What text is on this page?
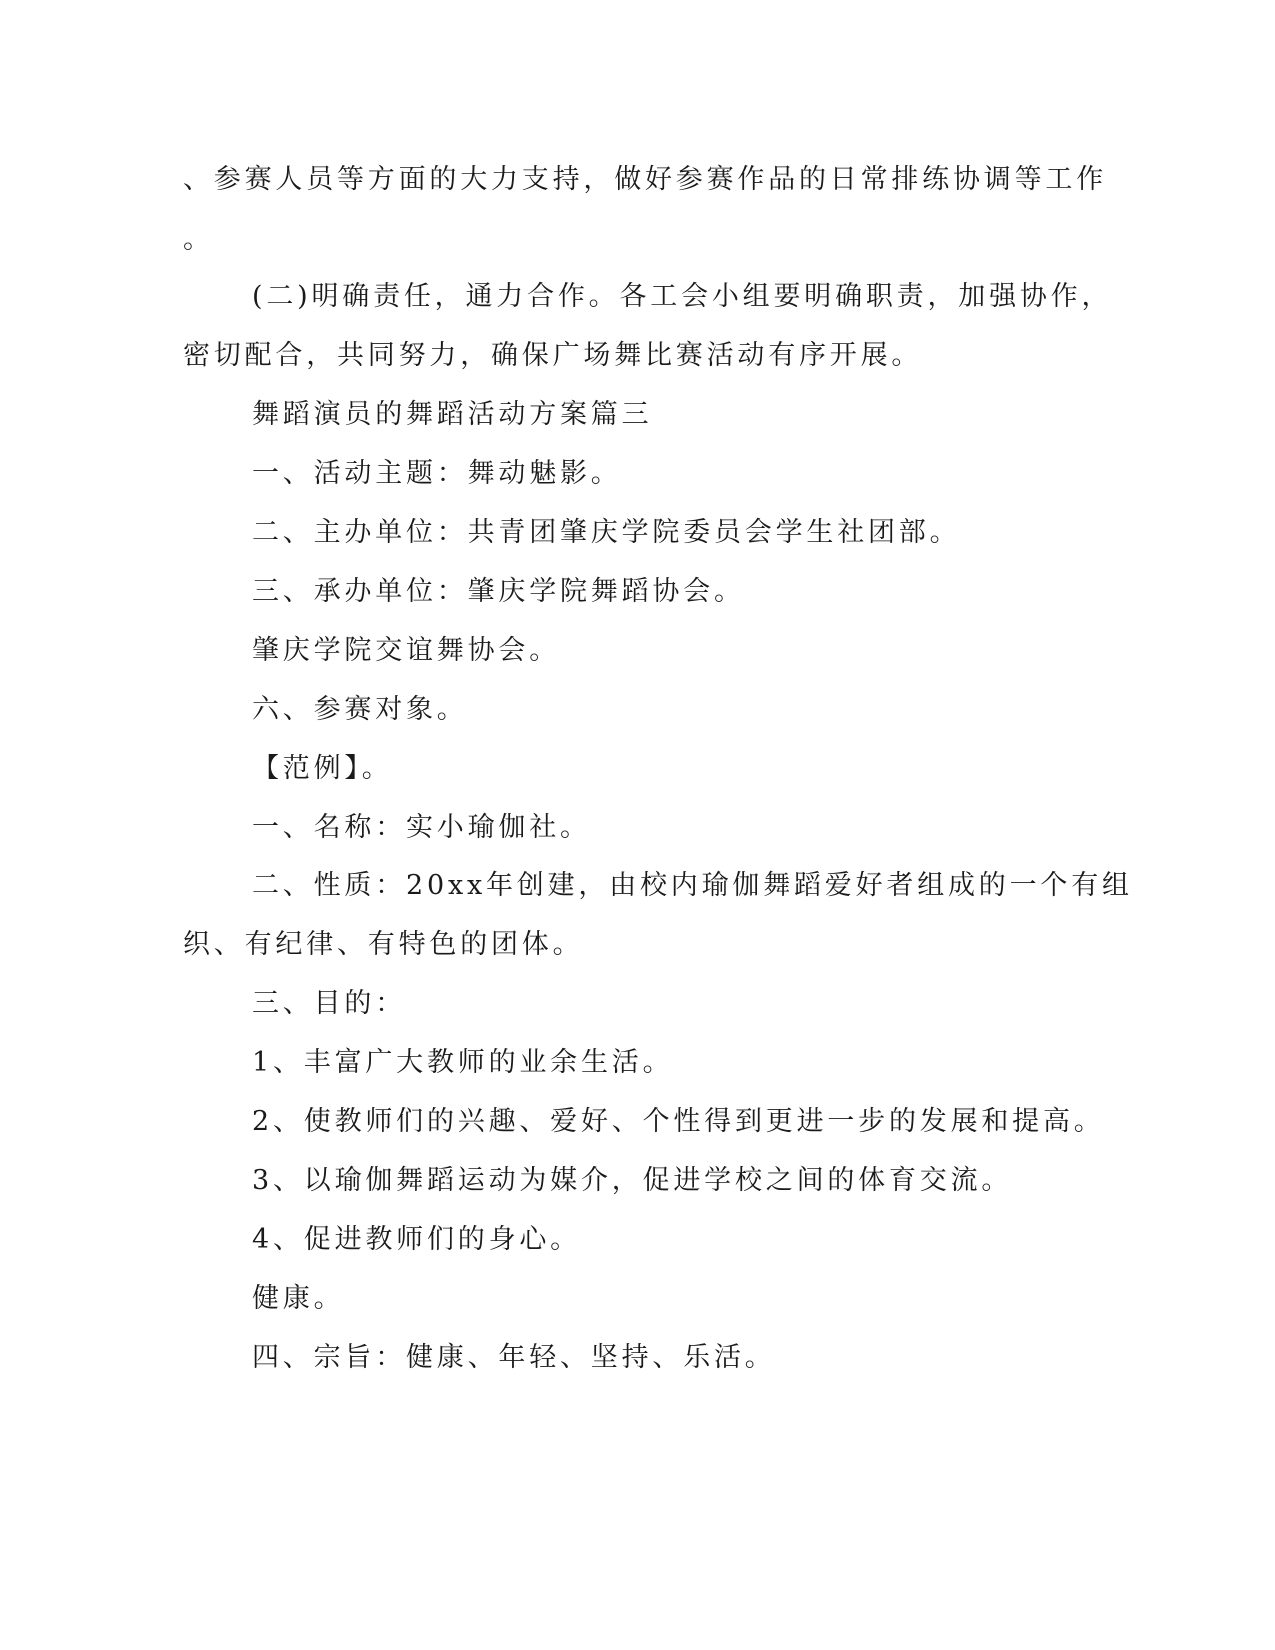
、参赛人员等方面的大力支持，做好参赛作品的日常排练协调等工作
。
(二)明确责任，通力合作。各工会小组要明确职责，加强协作，
密切配合，共同努力，确保广场舞比赛活动有序开展。
舞蹈演员的舞蹈活动方案篇三
一、活动主题：舞动魅影。
二、主办单位：共青团肇庆学院委员会学生社团部。
三、承办单位：肇庆学院舞蹈协会。
肇庆学院交谊舞协会。
六、参赛对象。
【范例】。
一、名称：实小瑜伽社。
二、性质：20xx年创建，由校内瑜伽舞蹈爱好者组成的一个有组
织、有纪律、有特色的团体。
三、目的：
1、丰富广大教师的业余生活。
2、使教师们的兴趣、爱好、个性得到更进一步的发展和提高。
3、以瑜伽舞蹈运动为媒介，促进学校之间的体育交流。
4、促进教师们的身心。
健康。
四、宗旨：健康、年轻、坚持、乐活。
